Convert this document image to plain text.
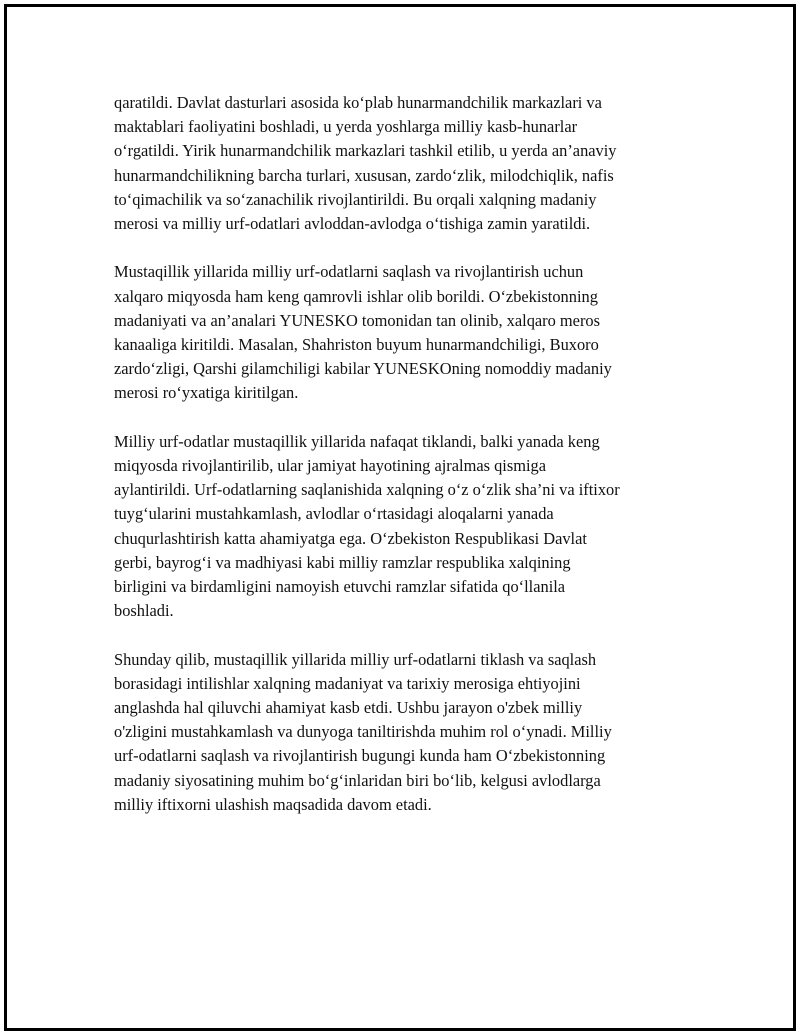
qaratildi. Davlat dasturlari asosida ko‘plab hunarmandchilik markazlari va
maktablari faoliyatini boshladi, u yerda yoshlarga milliy kasb-hunarlar
o‘rgatildi. Yirik hunarmandchilik markazlari tashkil etilib, u yerda an’anaviy
hunarmandchilikning barcha turlari, xususan, zardo‘zlik, milodchiqlik, nafis
to‘qimachilik va so‘zanachilik rivojlantirildi. Bu orqali xalqning madaniy
merosi va milliy urf-odatlari avloddan-avlodga o‘tishiga zamin yaratildi.

Mustaqillik yillarida milliy urf-odatlarni saqlash va rivojlantirish uchun
xalqaro miqyosda ham keng qamrovli ishlar olib borildi. O‘zbekistonning
madaniyati va an’analari YUNESKO tomonidan tan olinib, xalqaro meros
kanaaliga kiritildi. Masalan, Shahriston buyum hunarmandchiligi, Buxoro
zardo‘zligi, Qarshi gilamchiligi kabilar YUNESKOning nomoddiy madaniy
merosi ro‘yxatiga kiritilgan.

Milliy urf-odatlar mustaqillik yillarida nafaqat tiklandi, balki yanada keng
miqyosda rivojlantirilib, ular jamiyat hayotining ajralmas qismiga
aylantirildi. Urf-odatlarning saqlanishida xalqning o‘z o‘zlik sha’ni va iftixor
tuyg‘ularini mustahkamlash, avlodlar o‘rtasidagi aloqalarni yanada
chuqurlashtirish katta ahamiyatga ega. O‘zbekiston Respublikasi Davlat
gerbi, bayrog‘i va madhiyasi kabi milliy ramzlar respublika xalqining
birligini va birdamligini namoyish etuvchi ramzlar sifatida qo‘llanila
boshladi.

Shunday qilib, mustaqillik yillarida milliy urf-odatlarni tiklash va saqlash
borasidagi intilishlar xalqning madaniyat va tarixiy merosiga ehtiyojini
anglashda hal qiluvchi ahamiyat kasb etdi. Ushbu jarayon o'zbek milliy
o'zligini mustahkamlash va dunyoga taniltirishda muhim rol o‘ynadi. Milliy
urf-odatlarni saqlash va rivojlantirish bugungi kunda ham O‘zbekistonning
madaniy siyosatining muhim bo‘g‘inlaridan biri bo‘lib, kelgusi avlodlarga
milliy iftixorni ulashish maqsadida davom etadi.
